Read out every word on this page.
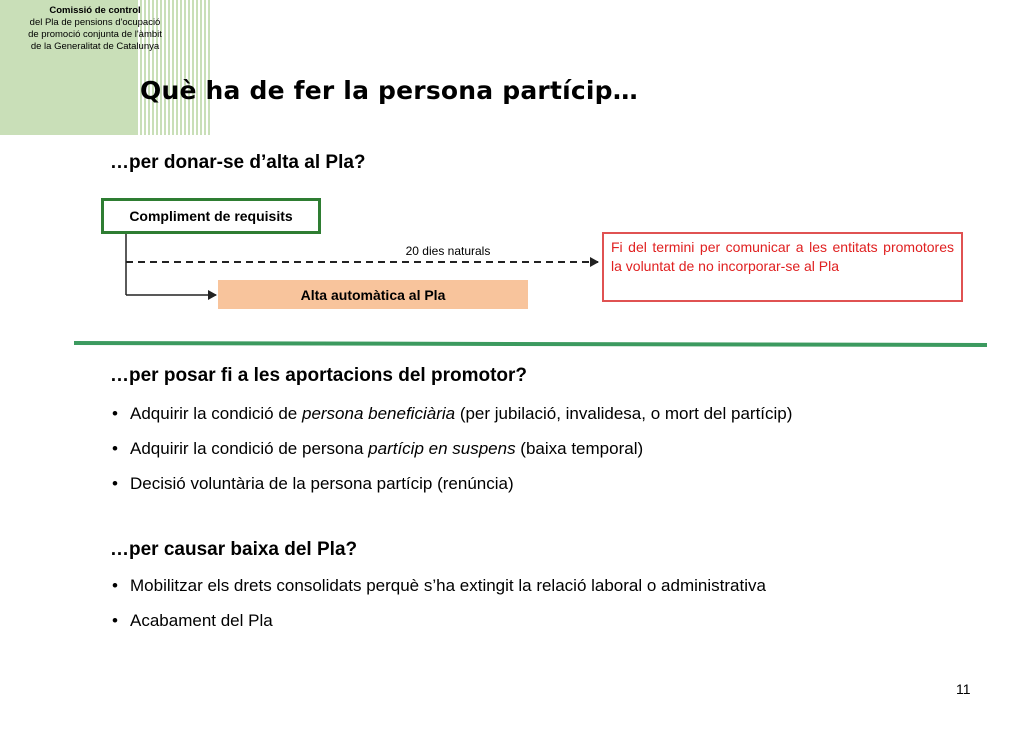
Comissió de control
del Pla de pensions d'ocupació
de promoció conjunta de l'àmbit
de la Generalitat de Catalunya
Què ha de fer la persona partícip…
…per donar-se d’alta al Pla?
Compliment de requisits
20 dies naturals
Alta automàtica al Pla
Fi del termini per comunicar a les entitats promotores la voluntat de no incorporar-se al Pla
…per posar fi a les aportacions del promotor?
• Adquirir la condició de persona beneficiària (per jubilació, invalidesa, o mort del partícip)
• Adquirir la condició de persona partícip en suspens (baixa temporal)
• Decisió voluntària de la persona partícip (renúncia)
…per causar baixa del Pla?
• Mobilitzar els drets consolidats perquè s’ha extingit la relació laboral o administrativa
• Acabament del Pla
11
